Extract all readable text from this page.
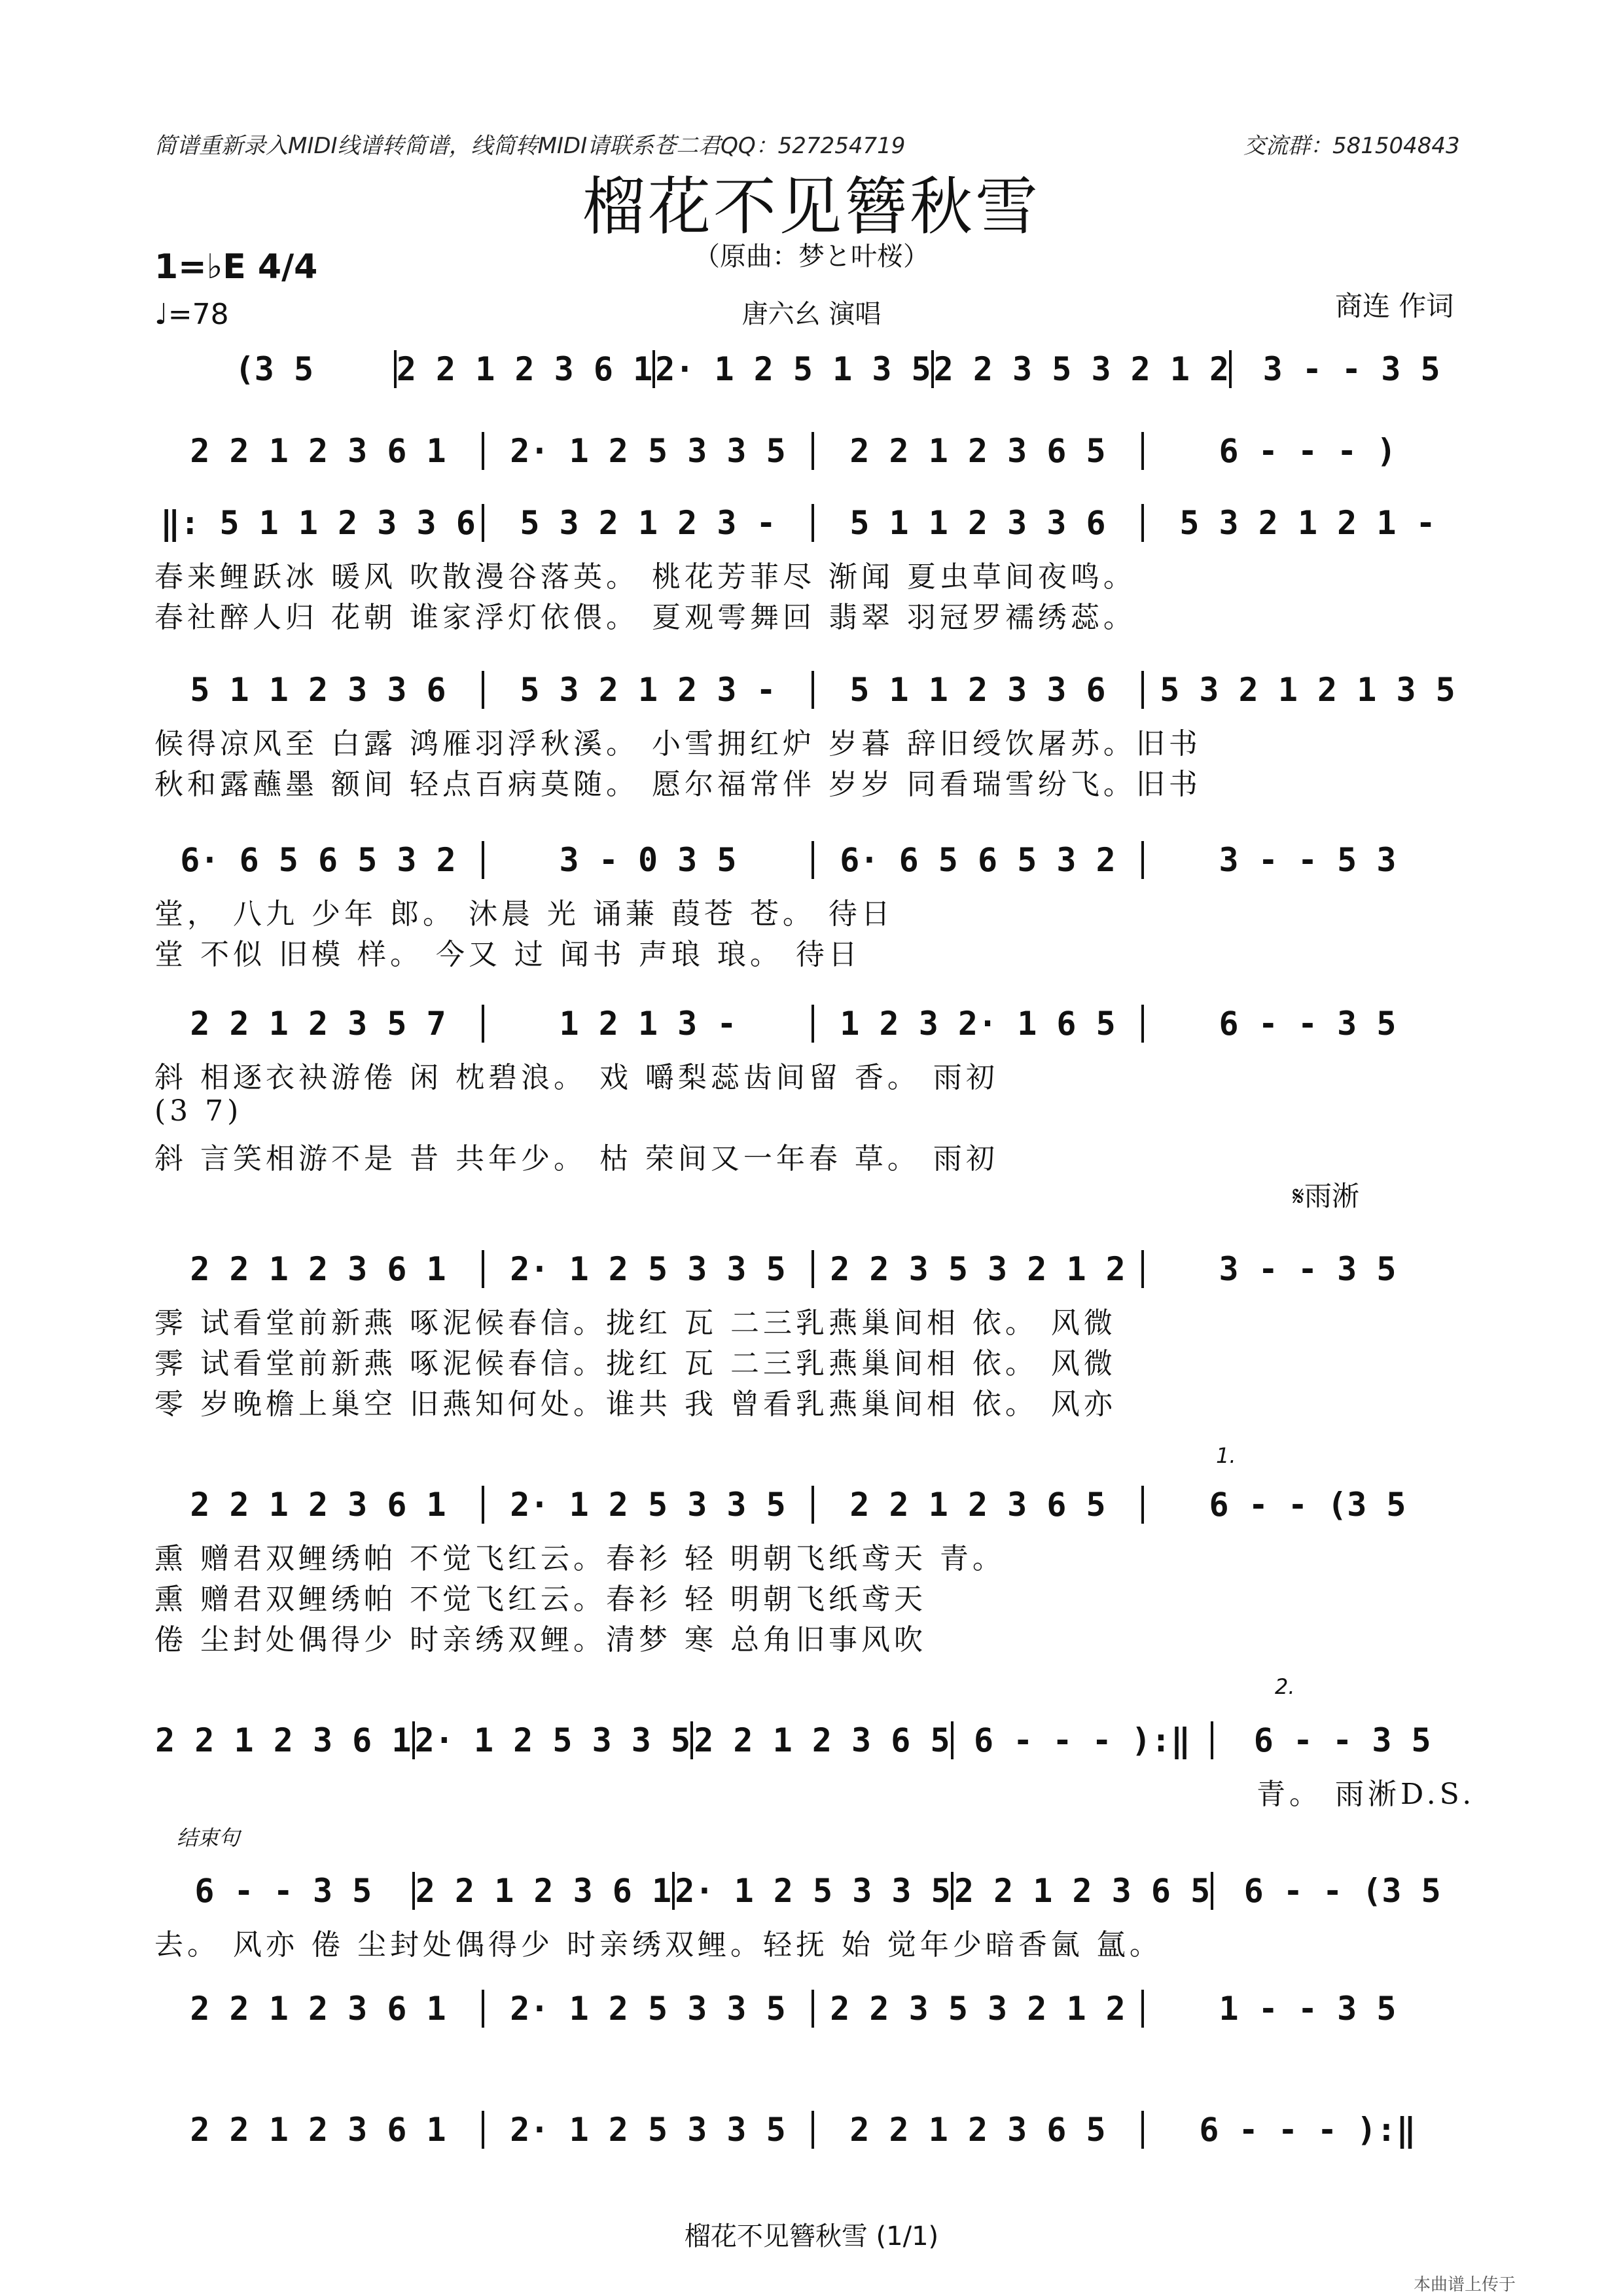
简谱重新录入MIDI线谱转简谱，线简转MIDI请联系苍二君QQ：527254719	交流群：581504843
榴花不见簪秋雪
（原曲：梦と叶桜）
唐六幺 演唱	商连 作词
1=♭E 4/4
♩=78
(3 5	2 2 1 2 3 6 1 2· 1 2 5 1 3 5 2 2 3 5 3 2 1 2	3 - - 3 5
2 2 1 2 3 6 1	2· 1 2 5 3 3 5	2 2 1 2 3 6 5	6 - - - )
‖: 5 1 1 2 3 3 6	5 3 2 1 2 3 -	5 1 1 2 3 3 6	5 3 2 1 2 1 -
春来鲤跃冰 暖风 吹散漫谷落英。 桃花芳菲尽 渐闻 夏虫草间夜鸣。
春社醉人归 花朝 谁家浮灯依偎。 夏观雩舞回 翡翠 羽冠罗襦绣蕊。
5 1 1 2 3 3 6	5 3 2 1 2 3 -	5 1 1 2 3 3 6	5 3 2 1 2 1 3 5
候得凉风至 白露 鸿雁羽浮秋溪。 小雪拥红炉 岁暮 辞旧绶饮屠苏。旧书
秋和露蘸墨 额间 轻点百病莫随。 愿尔福常伴 岁岁 同看瑞雪纷飞。旧书
6· 6 5 6 5 3 2	3 - 0 3 5	6· 6 5 6 5 3 2	3 - - 5 3
堂， 八九 少年 郎。 沐晨 光 诵蒹 葭苍 苍。 待日
堂 不似 旧模 样。 今又 过 闻书 声琅 琅。 待日
2 2 1 2 3 5 7	1 2 1 3 -	1 2 3 2· 1 6 5	6 - - 3 5
斜 相逐衣袂游倦 闲 枕碧浪。 戏 嚼梨蕊齿间留 香。 雨初
(3 7)
斜 言笑相游不是 昔 共年少。 枯 荣间又一年春 草。 雨初
2 2 1 2 3 6 1	2· 1 2 5 3 3 5	2 2 3 5 3 2 1 2	3 - - 3 5
霁 试看堂前新燕 啄泥候春信。拢红 瓦 二三乳燕巢间相 依。 风微
霁 试看堂前新燕 啄泥候春信。拢红 瓦 二三乳燕巢间相 依。 风微
零 岁晚檐上巢空 旧燕知何处。谁共 我 曾看乳燕巢间相 依。 风亦
2 2 1 2 3 6 1	2· 1 2 5 3 3 5	2 2 1 2 3 6 5	6 - - (3 5
熏 赠君双鲤绣帕 不觉飞红云。春衫 轻 明朝飞纸鸢天 青。
熏 赠君双鲤绣帕 不觉飞红云。春衫 轻 明朝飞纸鸢天
倦 尘封处偶得少 时亲绣双鲤。清梦 寒 总角旧事风吹
2 2 1 2 3 6 1 2· 1 2 5 3 3 5 2 2 1 2 3 6 5 6 - - - ):‖	6 - - 3 5
青。 雨淅D.S.
6 - - 3 5	2 2 1 2 3 6 1 2· 1 2 5 3 3 5 2 2 1 2 3 6 5	6 - - (3 5
去。 风亦 倦 尘封处偶得少 时亲绣双鲤。轻抚 始 觉年少暗香氤 氲。
2 2 1 2 3 6 1	2· 1 2 5 3 3 5	2 2 3 5 3 2 1 2	1 - - 3 5
2 2 1 2 3 6 1	2· 1 2 5 3 3 5	2 2 1 2 3 6 5	6 - - - ):‖
𝄋雨淅
1.
2.
结束句
榴花不见簪秋雪 (1/1)
本曲谱上传于
